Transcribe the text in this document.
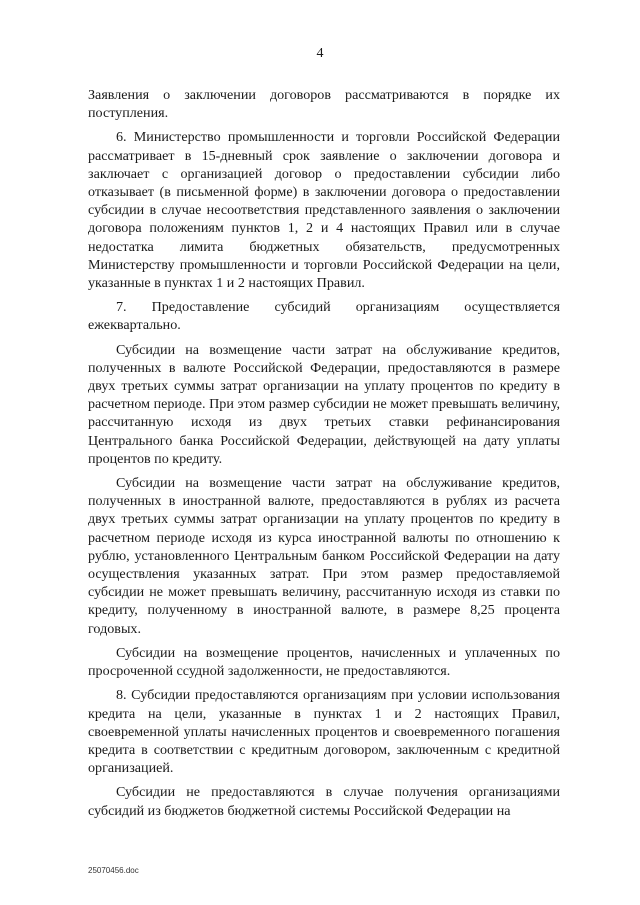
4

Заявления о заключении договоров рассматриваются в порядке их поступления.

6. Министерство промышленности и торговли Российской Федерации рассматривает в 15-дневный срок заявление о заключении договора и заключает с организацией договор о предоставлении субсидии либо отказывает (в письменной форме) в заключении договора о предоставлении субсидии в случае несоответствия представленного заявления о заключении договора положениям пунктов 1, 2 и 4 настоящих Правил или в случае недостатка лимита бюджетных обязательств, предусмотренных Министерству промышленности и торговли Российской Федерации на цели, указанные в пунктах 1 и 2 настоящих Правил.

7. Предоставление субсидий организациям осуществляется ежеквартально.

Субсидии на возмещение части затрат на обслуживание кредитов, полученных в валюте Российской Федерации, предоставляются в размере двух третьих суммы затрат организации на уплату процентов по кредиту в расчетном периоде. При этом размер субсидии не может превышать величину, рассчитанную исходя из двух третьих ставки рефинансирования Центрального банка Российской Федерации, действующей на дату уплаты процентов по кредиту.

Субсидии на возмещение части затрат на обслуживание кредитов, полученных в иностранной валюте, предоставляются в рублях из расчета двух третьих суммы затрат организации на уплату процентов по кредиту в расчетном периоде исходя из курса иностранной валюты по отношению к рублю, установленного Центральным банком Российской Федерации на дату осуществления указанных затрат. При этом размер предоставляемой субсидии не может превышать величину, рассчитанную исходя из ставки по кредиту, полученному в иностранной валюте, в размере 8,25 процента годовых.

Субсидии на возмещение процентов, начисленных и уплаченных по просроченной ссудной задолженности, не предоставляются.

8. Субсидии предоставляются организациям при условии использования кредита на цели, указанные в пунктах 1 и 2 настоящих Правил, своевременной уплаты начисленных процентов и своевременного погашения кредита в соответствии с кредитным договором, заключенным с кредитной организацией.

Субсидии не предоставляются в случае получения организациями субсидий из бюджетов бюджетной системы Российской Федерации на

25070456.doc
